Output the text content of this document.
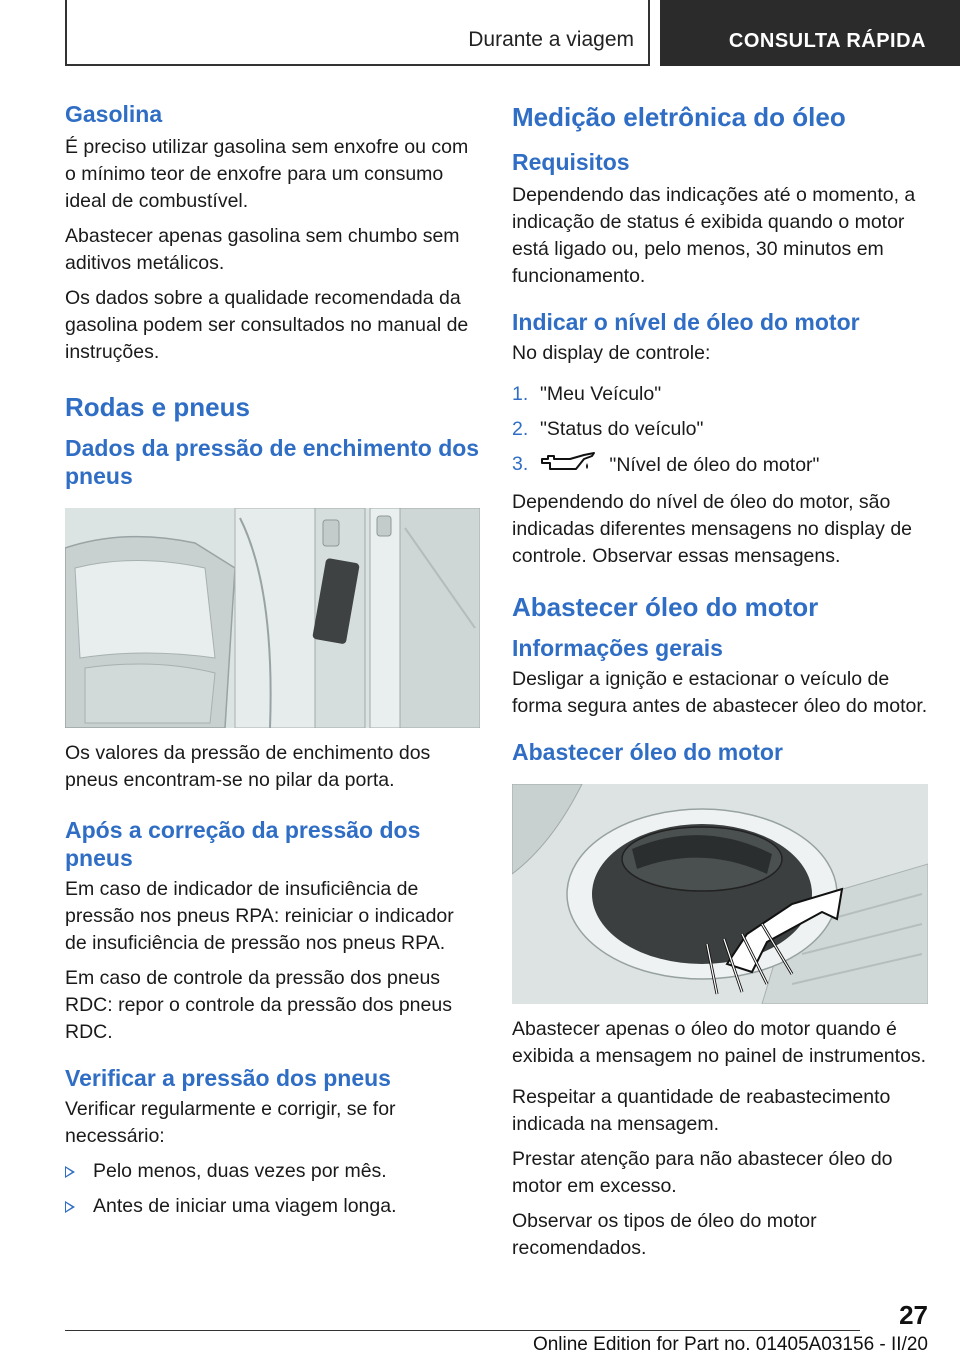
Durante a viagem	CONSULTA RÁPIDA
Gasolina

É preciso utilizar gasolina sem enxofre ou com o mínimo teor de enxofre para um consumo ideal de combustível.

Abastecer apenas gasolina sem chumbo sem aditivos metálicos.

Os dados sobre a qualidade recomendada da gasolina podem ser consultados no manual de instruções.

Rodas e pneus
Dados da pressão de enchimento dos pneus

Os valores da pressão de enchimento dos pneus encontram-se no pilar da porta.

Após a correção da pressão dos pneus

Em caso de indicador de insuficiência de pressão nos pneus RPA: reiniciar o indicador de insuficiência de pressão nos pneus RPA.

Em caso de controle da pressão dos pneus RDC: repor o controle da pressão dos pneus RDC.

Verificar a pressão dos pneus

Verificar regularmente e corrigir, se for necessário:

Pelo menos, duas vezes por mês.
Antes de iniciar uma viagem longa.
Medição eletrônica do óleo
Requisitos

Dependendo das indicações até o momento, a indicação de status é exibida quando o motor está ligado ou, pelo menos, 30 minutos em funcionamento.

Indicar o nível de óleo do motor

No display de controle:

1. "Meu Veículo"
2. "Status do veículo"
3.	"Nível de óleo do motor"

Dependendo do nível de óleo do motor, são indicadas diferentes mensagens no display de controle. Observar essas mensagens.

Abastecer óleo do motor
Informações gerais

Desligar a ignição e estacionar o veículo de forma segura antes de abastecer óleo do motor.

Abastecer óleo do motor

Abastecer apenas o óleo do motor quando é exibida a mensagem no painel de instrumentos.

Respeitar a quantidade de reabastecimento indicada na mensagem.

Prestar atenção para não abastecer óleo do motor em excesso.

Observar os tipos de óleo do motor recomendados.

27
Online Edition for Part no. 01405A03156 - II/20
